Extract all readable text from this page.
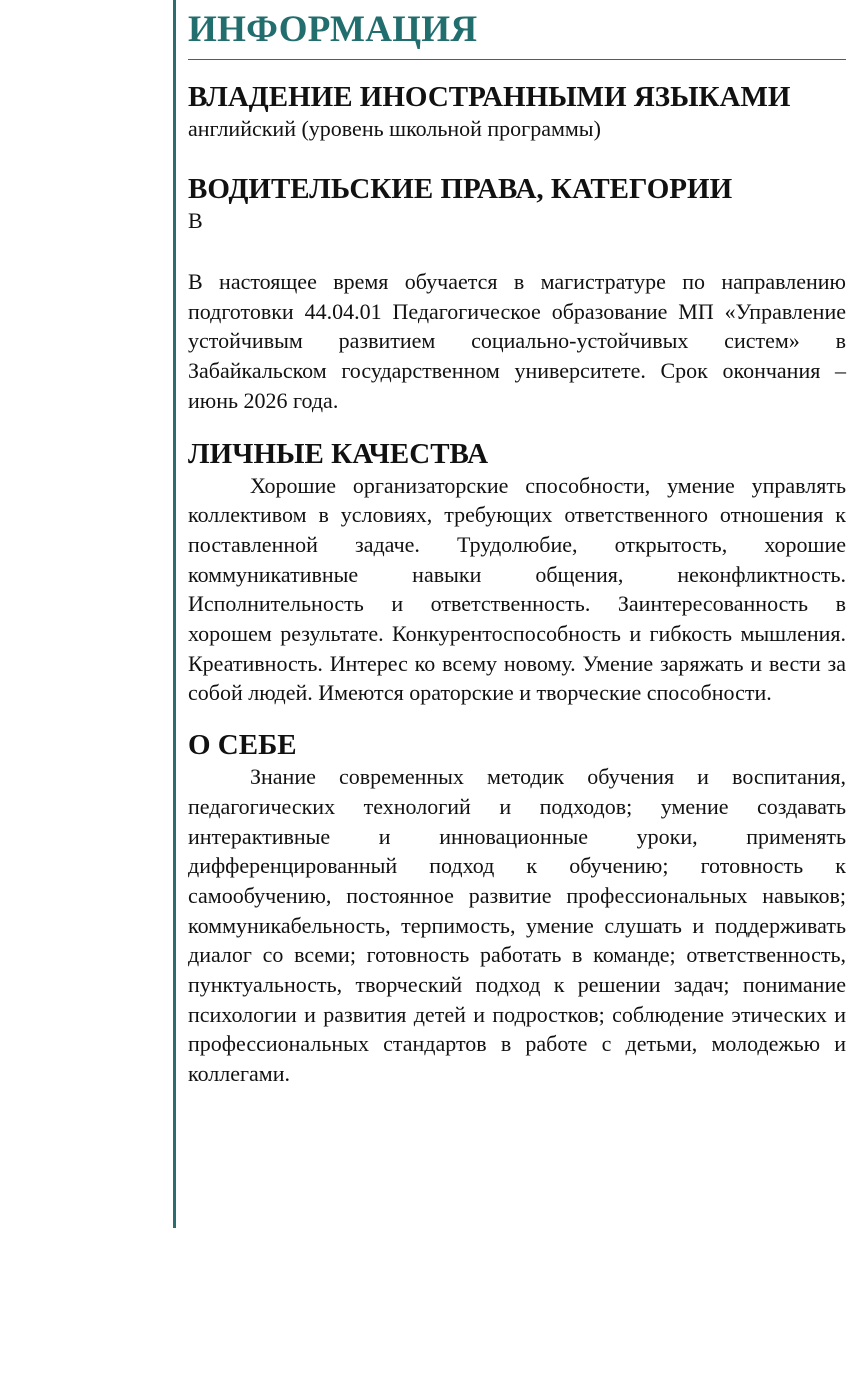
ИНФОРМАЦИЯ
ВЛАДЕНИЕ ИНОСТРАННЫМИ ЯЗЫКАМИ

английский (уровень школьной программы)

ВОДИТЕЛЬСКИЕ ПРАВА, КАТЕГОРИИ

B

В настоящее время обучается в магистратуре по направлению подготовки 44.04.01 Педагогическое образование МП «Управление устойчивым развитием социально-устойчивых систем» в Забайкальском государственном университете. Срок окончания – июнь 2026 года.

ЛИЧНЫЕ КАЧЕСТВА

Хорошие организаторские способности, умение управлять коллективом в условиях, требующих ответственного отношения к поставленной задаче. Трудолюбие, открытость, хорошие коммуникативные навыки общения, неконфликтность. Исполнительность и ответственность. Заинтересованность в хорошем результате. Конкурентоспособность и гибкость мышления. Креативность. Интерес ко всему новому. Умение заряжать и вести за собой людей. Имеются ораторские и творческие способности.

О СЕБЕ

Знание современных методик обучения и воспитания, педагогических технологий и подходов; умение создавать интерактивные и инновационные уроки, применять дифференцированный подход к обучению; готовность к самообучению, постоянное развитие профессиональных навыков; коммуникабельность, терпимость, умение слушать и поддерживать диалог со всеми; готовность работать в команде; ответственность, пунктуальность, творческий подход к решении задач; понимание психологии и развития детей и подростков; соблюдение этических и профессиональных стандартов в работе с детьми, молодежью и коллегами.
